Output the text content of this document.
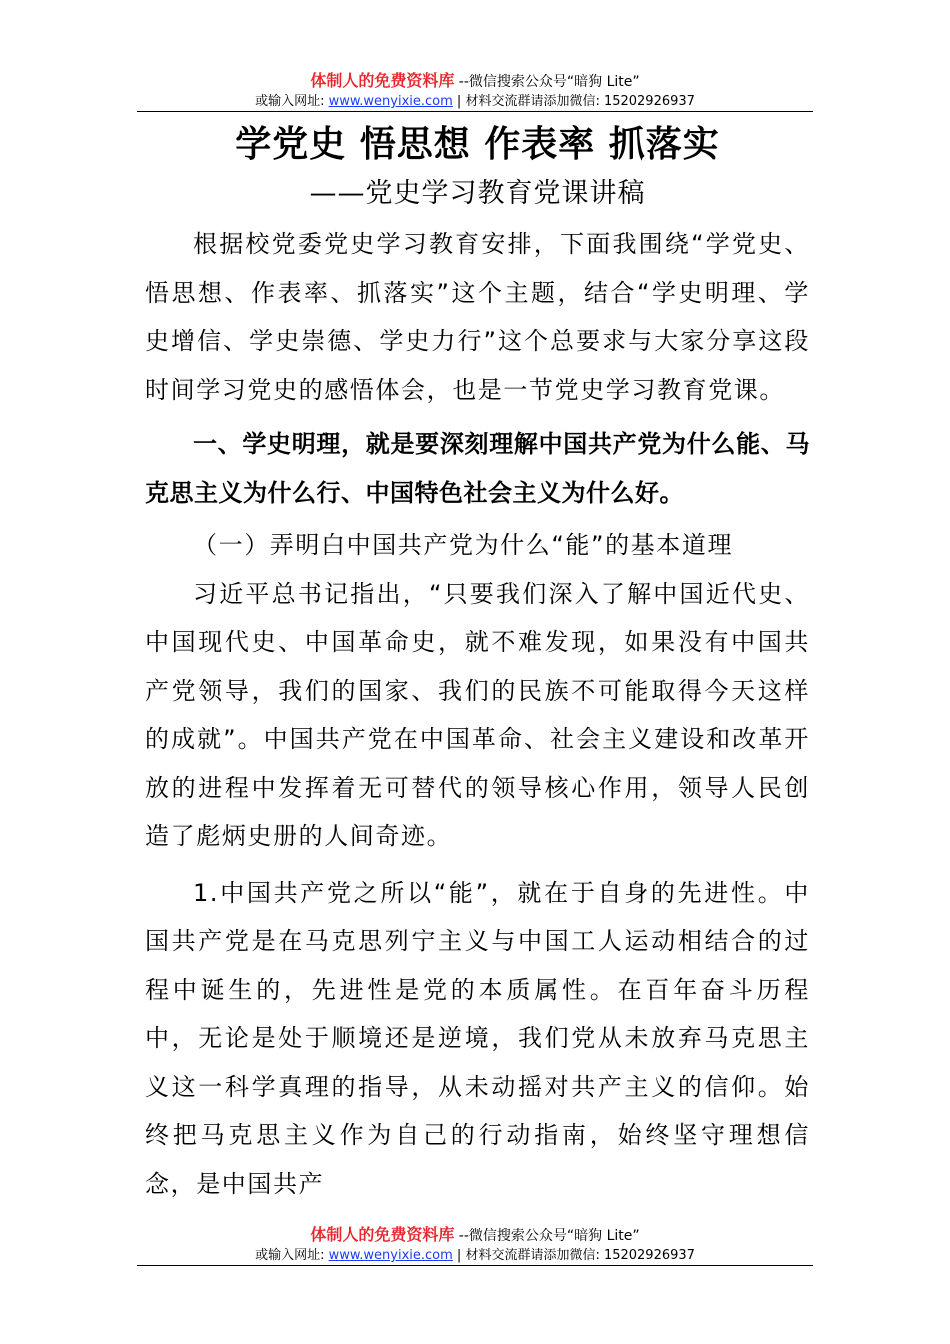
体制人的免费资料库 --微信搜索公众号“暗狗 Lite”
或输入网址: www.wenyixie.com | 材料交流群请添加微信: 15202926937
学党史 悟思想 作表率 抓落实
——党史学习教育党课讲稿

根据校党委党史学习教育安排，下面我围绕“学党史、悟思想、作表率、抓落实”这个主题，结合“学史明理、学史增信、学史崇德、学史力行”这个总要求与大家分享这段时间学习党史的感悟体会，也是一节党史学习教育党课。

一、学史明理，就是要深刻理解中国共产党为什么能、马克思主义为什么行、中国特色社会主义为什么好。

（一）弄明白中国共产党为什么“能”的基本道理

习近平总书记指出，“只要我们深入了解中国近代史、中国现代史、中国革命史，就不难发现，如果没有中国共产党领导，我们的国家、我们的民族不可能取得今天这样的成就”。中国共产党在中国革命、社会主义建设和改革开放的进程中发挥着无可替代的领导核心作用，领导人民创造了彪炳史册的人间奇迹。

1.中国共产党之所以“能”，就在于自身的先进性。中国共产党是在马克思列宁主义与中国工人运动相结合的过程中诞生的，先进性是党的本质属性。在百年奋斗历程中，无论是处于顺境还是逆境，我们党从未放弃马克思主义这一科学真理的指导，从未动摇对共产主义的信仰。始终把马克思主义作为自己的行动指南，始终坚守理想信念，是中国共产

体制人的免费资料库 --微信搜索公众号“暗狗 Lite”
或输入网址: www.wenyixie.com | 材料交流群请添加微信: 15202926937
